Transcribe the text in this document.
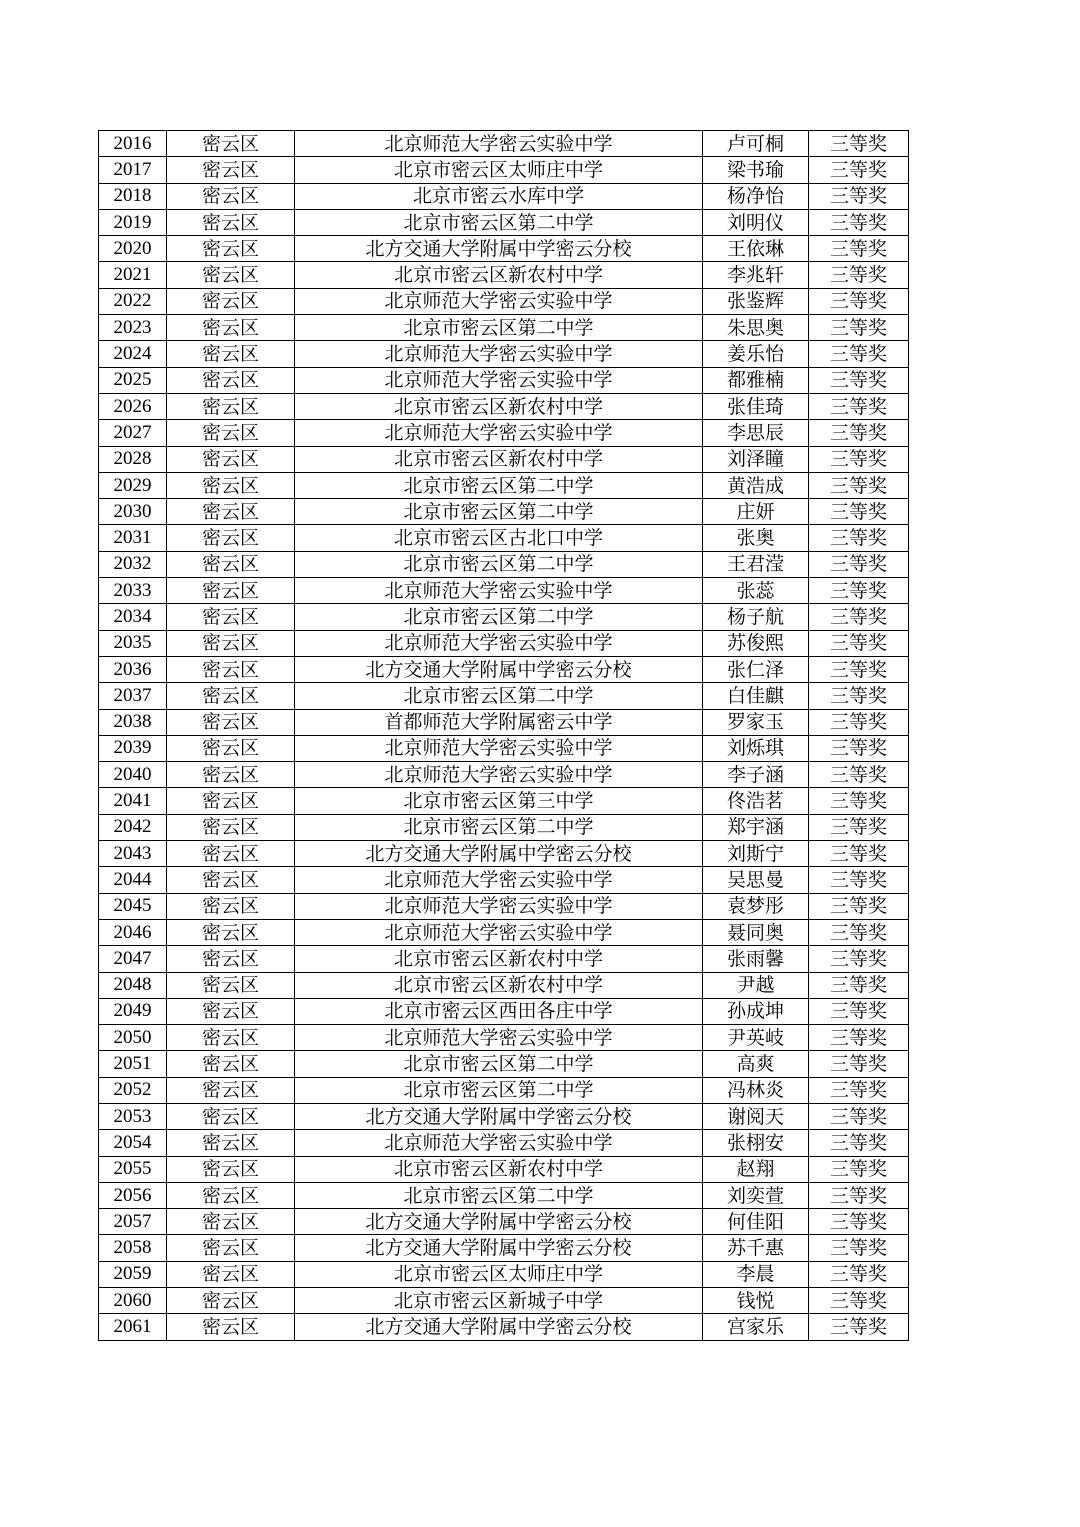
2016	密云区	北京师范大学密云实验中学	卢可桐	三等奖
2017	密云区	北京市密云区太师庄中学	梁书瑜	三等奖
2018	密云区	北京市密云水库中学	杨净怡	三等奖
2019	密云区	北京市密云区第二中学	刘明仪	三等奖
2020	密云区	北方交通大学附属中学密云分校	王依琳	三等奖
2021	密云区	北京市密云区新农村中学	李兆轩	三等奖
2022	密云区	北京师范大学密云实验中学	张鉴辉	三等奖
2023	密云区	北京市密云区第二中学	朱思奥	三等奖
2024	密云区	北京师范大学密云实验中学	姜乐怡	三等奖
2025	密云区	北京师范大学密云实验中学	都雅楠	三等奖
2026	密云区	北京市密云区新农村中学	张佳琦	三等奖
2027	密云区	北京师范大学密云实验中学	李思辰	三等奖
2028	密云区	北京市密云区新农村中学	刘泽瞳	三等奖
2029	密云区	北京市密云区第二中学	黄浩成	三等奖
2030	密云区	北京市密云区第二中学	庄妍	三等奖
2031	密云区	北京市密云区古北口中学	张奥	三等奖
2032	密云区	北京市密云区第二中学	王君滢	三等奖
2033	密云区	北京师范大学密云实验中学	张蕊	三等奖
2034	密云区	北京市密云区第二中学	杨子航	三等奖
2035	密云区	北京师范大学密云实验中学	苏俊熙	三等奖
2036	密云区	北方交通大学附属中学密云分校	张仁泽	三等奖
2037	密云区	北京市密云区第二中学	白佳麒	三等奖
2038	密云区	首都师范大学附属密云中学	罗家玉	三等奖
2039	密云区	北京师范大学密云实验中学	刘烁琪	三等奖
2040	密云区	北京师范大学密云实验中学	李子涵	三等奖
2041	密云区	北京市密云区第三中学	佟浩茗	三等奖
2042	密云区	北京市密云区第二中学	郑宇涵	三等奖
2043	密云区	北方交通大学附属中学密云分校	刘斯宁	三等奖
2044	密云区	北京师范大学密云实验中学	吴思曼	三等奖
2045	密云区	北京师范大学密云实验中学	袁梦彤	三等奖
2046	密云区	北京师范大学密云实验中学	聂同奥	三等奖
2047	密云区	北京市密云区新农村中学	张雨馨	三等奖
2048	密云区	北京市密云区新农村中学	尹越	三等奖
2049	密云区	北京市密云区西田各庄中学	孙成坤	三等奖
2050	密云区	北京师范大学密云实验中学	尹英岐	三等奖
2051	密云区	北京市密云区第二中学	高爽	三等奖
2052	密云区	北京市密云区第二中学	冯林炎	三等奖
2053	密云区	北方交通大学附属中学密云分校	谢阅天	三等奖
2054	密云区	北京师范大学密云实验中学	张栩安	三等奖
2055	密云区	北京市密云区新农村中学	赵翔	三等奖
2056	密云区	北京市密云区第二中学	刘奕萱	三等奖
2057	密云区	北方交通大学附属中学密云分校	何佳阳	三等奖
2058	密云区	北方交通大学附属中学密云分校	苏千惠	三等奖
2059	密云区	北京市密云区太师庄中学	李晨	三等奖
2060	密云区	北京市密云区新城子中学	钱悦	三等奖
2061	密云区	北方交通大学附属中学密云分校	宫家乐	三等奖
